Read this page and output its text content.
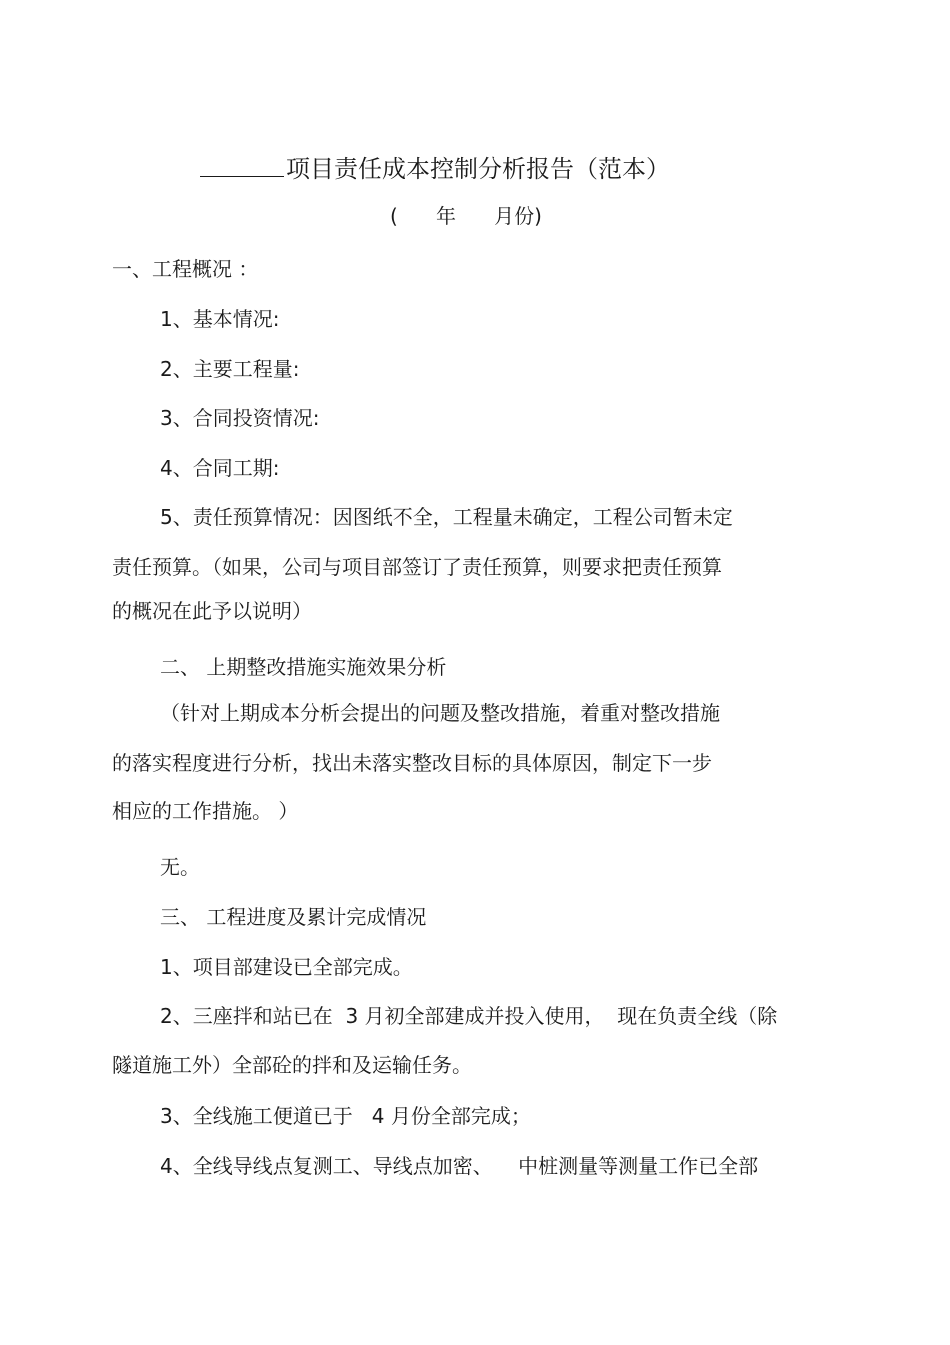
项目责任成本控制分析报告（范本）
(      年      月份)
一、工程概况 ：
1、基本情况:
2、主要工程量:
3、合同投资情况:
4、合同工期:
5、责任预算情况：因图纸不全，工程量未确定，工程公司暂未定
责任预算。（如果，公司与项目部签订了责任预算，则要求把责任预算
的概况在此予以说明）
二、 上期整改措施实施效果分析
（针对上期成本分析会提出的问题及整改措施，着重对整改措施
的落实程度进行分析，找出未落实整改目标的具体原因，制定下一步
相应的工作措施。 ）
无。
三、 工程进度及累计完成情况
1、项目部建设已全部完成。
2、三座拌和站已在  3 月初全部建成并投入使用，  现在负责全线（除
隧道施工外）全部砼的拌和及运输任务。
3、全线施工便道已于   4 月份全部完成；
4、全线导线点复测工、导线点加密、    中桩测量等测量工作已全部
